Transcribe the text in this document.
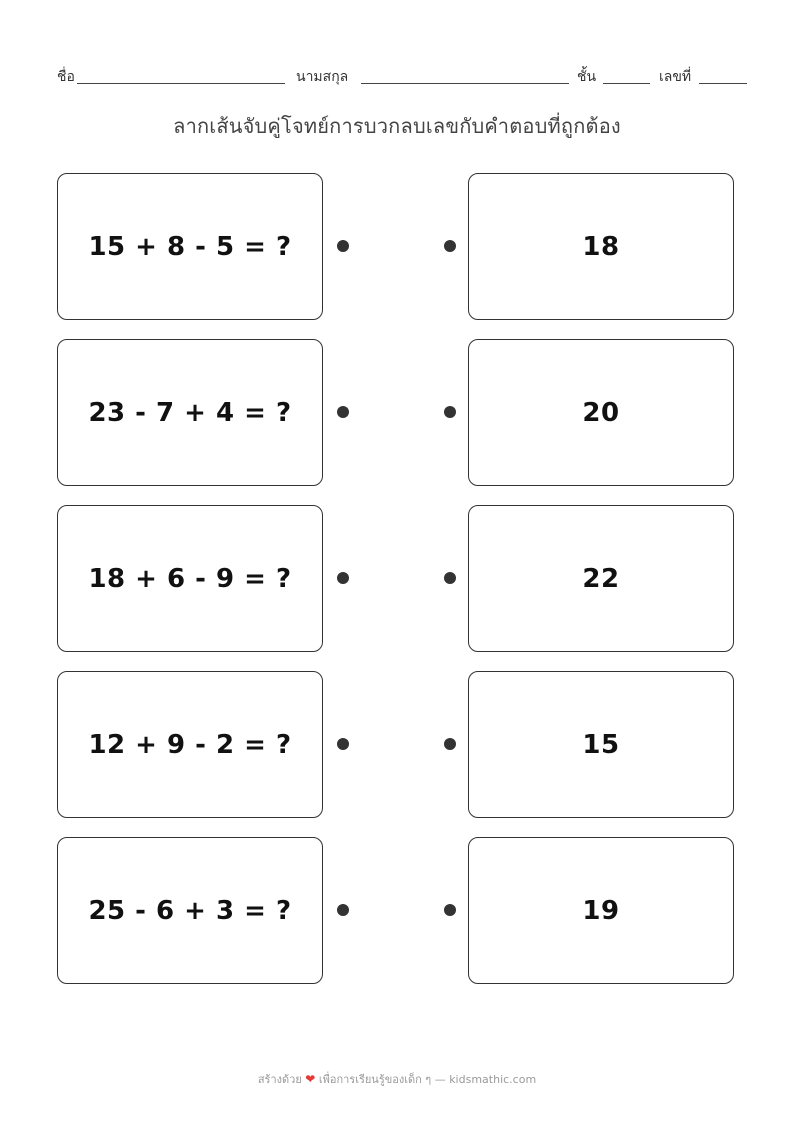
ชื่อ	นามสกุล	ชั้น	เลขที่
ลากเส้นจับคู่โจทย์การบวกลบเลขกับคำตอบที่ถูกต้อง
15 + 8 - 5 = ?
23 - 7 + 4 = ?
18 + 6 - 9 = ?
12 + 9 - 2 = ?
25 - 6 + 3 = ?
18
20
22
15
19
สร้างด้วย ❤ เพื่อการเรียนรู้ของเด็ก ๆ — kidsmathic.com
